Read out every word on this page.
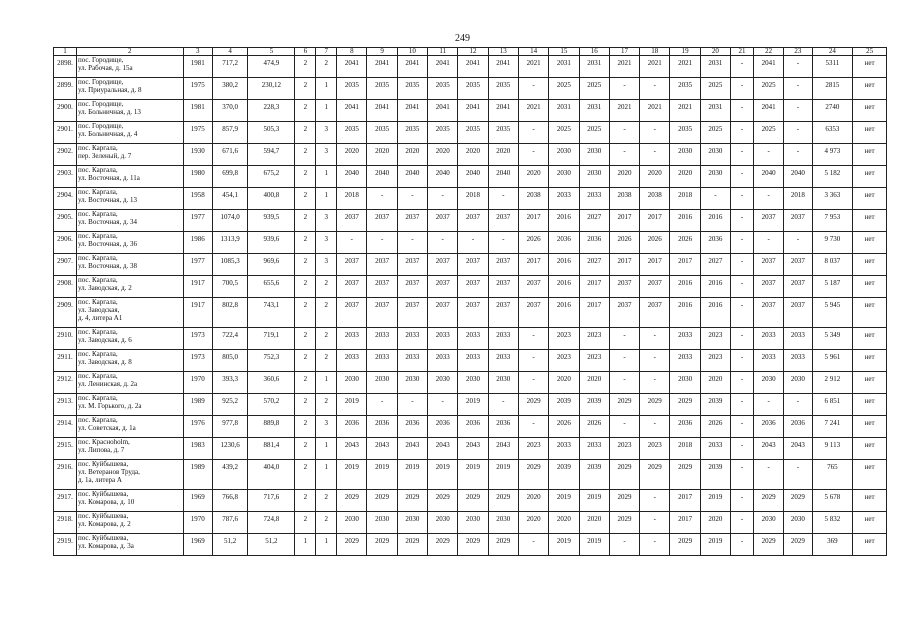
249
1	2	3	4	5	6	7	8	9	10	11	12	13	14	15	16	17	18	19	20	21	22	23	24	25
2898.	пос. Городище,
ул. Рабочая, д. 15а	1981	717,2	474,9	2	2	2041	2041	2041	2041	2041	2041	2021	2031	2031	2021	2021	2021	2031	-	2041	-	5311	нет
2899.	пос. Городище,
ул. Приуральная, д. 8	1975	380,2	230,12	2	1	2035	2035	2035	2035	2035	2035	-	2025	2025	-	-	2035	2025	-	2025	-	2815	нет
2900.	пос. Городище,
ул. Больничная, д. 13	1981	370,0	228,3	2	1	2041	2041	2041	2041	2041	2041	2021	2031	2031	2021	2021	2021	2031	-	2041	-	2740	нет
2901.	пос. Городище,
ул. Больничная, д. 4	1975	857,9	505,3	2	3	2035	2035	2035	2035	2035	2035	-	2025	2025	-	-	2035	2025	-	2025	-	6353	нет
2902.	пос. Каргала,
пер. Зеленый, д. 7	1930	671,6	594,7	2	3	2020	2020	2020	2020	2020	2020	-	2030	2030	-	-	2030	2030	-	-	-	4 973	нет
2903.	пос. Каргала,
ул. Восточная, д. 11а	1980	699,8	675,2	2	1	2040	2040	2040	2040	2040	2040	2020	2030	2030	2020	2020	2020	2030	-	2040	2040	5 182	нет
2904.	пос. Каргала,
ул. Восточная, д. 13	1958	454,1	400,8	2	1	2018	-	-	-	2018	-	2038	2033	2033	2038	2038	2018	-	-	-	2018	3 363	нет
2905.	пос. Каргала,
ул. Восточная, д. 34	1977	1074,0	939,5	2	3	2037	2037	2037	2037	2037	2037	2017	2016	2027	2017	2017	2016	2016	-	2037	2037	7 953	нет
2906.	пос. Каргала,
ул. Восточная, д. 36	1986	1313,9	939,6	2	3	-	-	-	-	-	-	2026	2036	2036	2026	2026	2026	2036	-	-	-	9 730	нет
2907.	пос. Каргала,
ул. Восточная, д. 38	1977	1085,3	969,6	2	3	2037	2037	2037	2037	2037	2037	2017	2016	2027	2017	2017	2017	2027	-	2037	2037	8 037	нет
2908.	пос. Каргала,
ул. Заводская, д. 2	1917	700,5	655,6	2	2	2037	2037	2037	2037	2037	2037	2037	2016	2017	2037	2037	2016	2016	-	2037	2037	5 187	нет
2909.	пос. Каргала,
ул. Заводская,
д. 4, литера А1	1917	802,8	743,1	2	2	2037	2037	2037	2037	2037	2037	2037	2016	2017	2037	2037	2016	2016	-	2037	2037	5 945	нет
2910.	пос. Каргала,
ул. Заводская, д. 6	1973	722,4	719,1	2	2	2033	2033	2033	2033	2033	2033	-	2023	2023	-	-	2033	2023	-	2033	2033	5 349	нет
2911.	пос. Каргала,
ул. Заводская, д. 8	1973	805,0	752,3	2	2	2033	2033	2033	2033	2033	2033	-	2023	2023	-	-	2033	2023	-	2033	2033	5 961	нет
2912.	пос. Каргала,
ул. Ленинская, д. 2а	1970	393,3	360,6	2	1	2030	2030	2030	2030	2030	2030	-	2020	2020	-	-	2030	2020	-	2030	2030	2 912	нет
2913.	пос. Каргала,
ул. М. Горького, д. 2а	1989	925,2	570,2	2	2	2019	-	-	-	2019	-	2029	2039	2039	2029	2029	2029	2039	-	-	-	6 851	нет
2914.	пос. Каргала,
ул. Советская, д. 1а	1976	977,8	889,8	2	3	2036	2036	2036	2036	2036	2036	-	2026	2026	-	-	2036	2026	-	2036	2036	7 241	нет
2915.	пос. Красноholm,
ул. Липова, д. 7	1983	1230,6	881,4	2	1	2043	2043	2043	2043	2043	2043	2023	2033	2033	2023	2023	2018	2033	-	2043	2043	9 113	нет
2916.	пос. Куйбышева,
ул. Ветеранов Труда,
д. 1а, литера А	1989	439,2	404,0	2	1	2019	2019	2019	2019	2019	2019	2029	2039	2039	2029	2029	2029	2039	-	-	-	765	нет
2917.	пос. Куйбышева,
ул. Комарова, д. 10	1969	766,8	717,6	2	2	2029	2029	2029	2029	2029	2029	2020	2019	2019	2029	-	2017	2019	-	2029	2029	5 678	нет
2918.	пос. Куйбышева,
ул. Комарова, д. 2	1970	787,6	724,8	2	2	2030	2030	2030	2030	2030	2030	2020	2020	2020	2029	-	2017	2020	-	2030	2030	5 832	нет
2919.	пос. Куйбышева,
ул. Комарова, д. 3а	1969	51,2	51,2	1	1	2029	2029	2029	2029	2029	2029	-	2019	2019	-	-	2029	2019	-	2029	2029	369	нет
